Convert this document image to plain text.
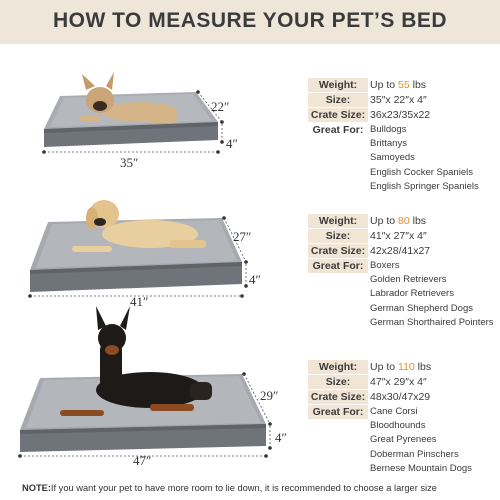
HOW TO MEASURE YOUR PET’S BED
35″
22″
4″
Weight:	Up to 55 lbs
Size:	35″x 22″x 4″
Crate Size: 36x23/35x22
Great For: Bulldogs
Brittanys
Samoyeds
English Cocker Spaniels
English Springer Spaniels
41″
27″
4″
Weight:	Up to 80 lbs
Size:	41″x 27″x 4″
Crate Size: 42x28/41x27
Great For: Boxers
Golden Retrievers
Labrador Retrievers
German Shepherd Dogs
German Shorthaired Pointers
47″
29″
4″
Weight:	Up to 110 lbs
Size:	47″x 29″x 4″
Crate Size: 48x30/47x29
Great For: Cane Corsi
Bloodhounds
Great Pyrenees
Doberman Pinschers
Bernese Mountain Dogs
NOTE:If you want your pet to have more room to lie down, it is recommended to choose a larger size
